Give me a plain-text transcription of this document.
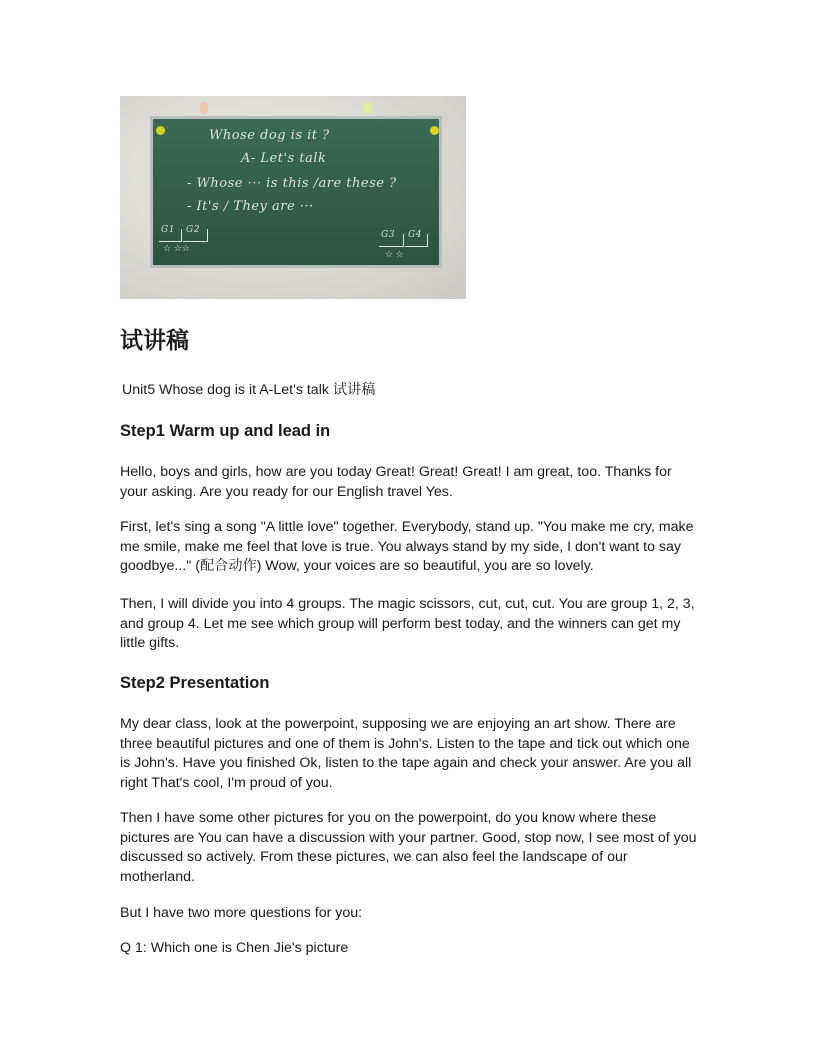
Whose dog is it ?
A- Let's talk
- Whose ··· is this /are these ?
- It's / They are ···
G1 G2
☆ ☆☆
G3 G4
☆ ☆
试讲稿

Unit5 Whose dog is it A-Let's talk 试讲稿

Step1 Warm up and lead in

Hello, boys and girls, how are you today Great! Great! Great! I am great, too. Thanks for your asking. Are you ready for our English travel Yes.

First, let's sing a song "A little love" together. Everybody, stand up. "You make me cry, make me smile, make me feel that love is true. You always stand by my side, I don't want to say goodbye..." (配合动作) Wow, your voices are so beautiful, you are so lovely.

Then, I will divide you into 4 groups. The magic scissors, cut, cut, cut. You are group 1, 2, 3, and group 4. Let me see which group will perform best today, and the winners can get my little gifts.

Step2 Presentation

My dear class, look at the powerpoint, supposing we are enjoying an art show. There are three beautiful pictures and one of them is John's. Listen to the tape and tick out which one is John's. Have you finished Ok, listen to the tape again and check your answer. Are you all right That's cool, I'm proud of you.

Then I have some other pictures for you on the powerpoint, do you know where these pictures are You can have a discussion with your partner. Good, stop now, I see most of you discussed so actively. From these pictures, we can also feel the landscape of our motherland.

But I have two more questions for you:

Q 1: Which one is Chen Jie's picture
